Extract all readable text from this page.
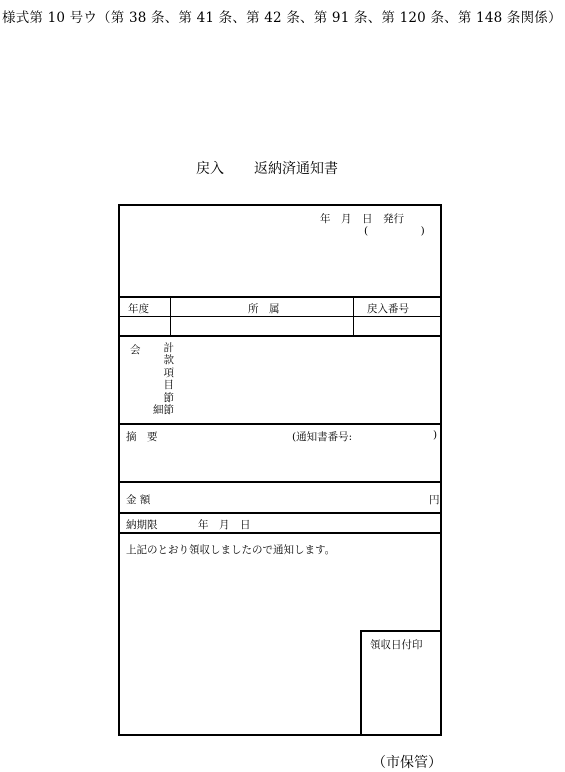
様式第 10 号ウ（第 38 条、第 41 条、第 42 条、第 91 条、第 120 条、第 148 条関係）
戻入 返納済通知書
年　月　日　発行
(　　　　　)
年度	所　属	戻入番号
会	計
款
項
目
節
細節
摘　要	(通知書番号:	)
金 額	円
納期限	年　月　日
上記のとおり領収しましたので通知します。
領収日付印
（市保管）
